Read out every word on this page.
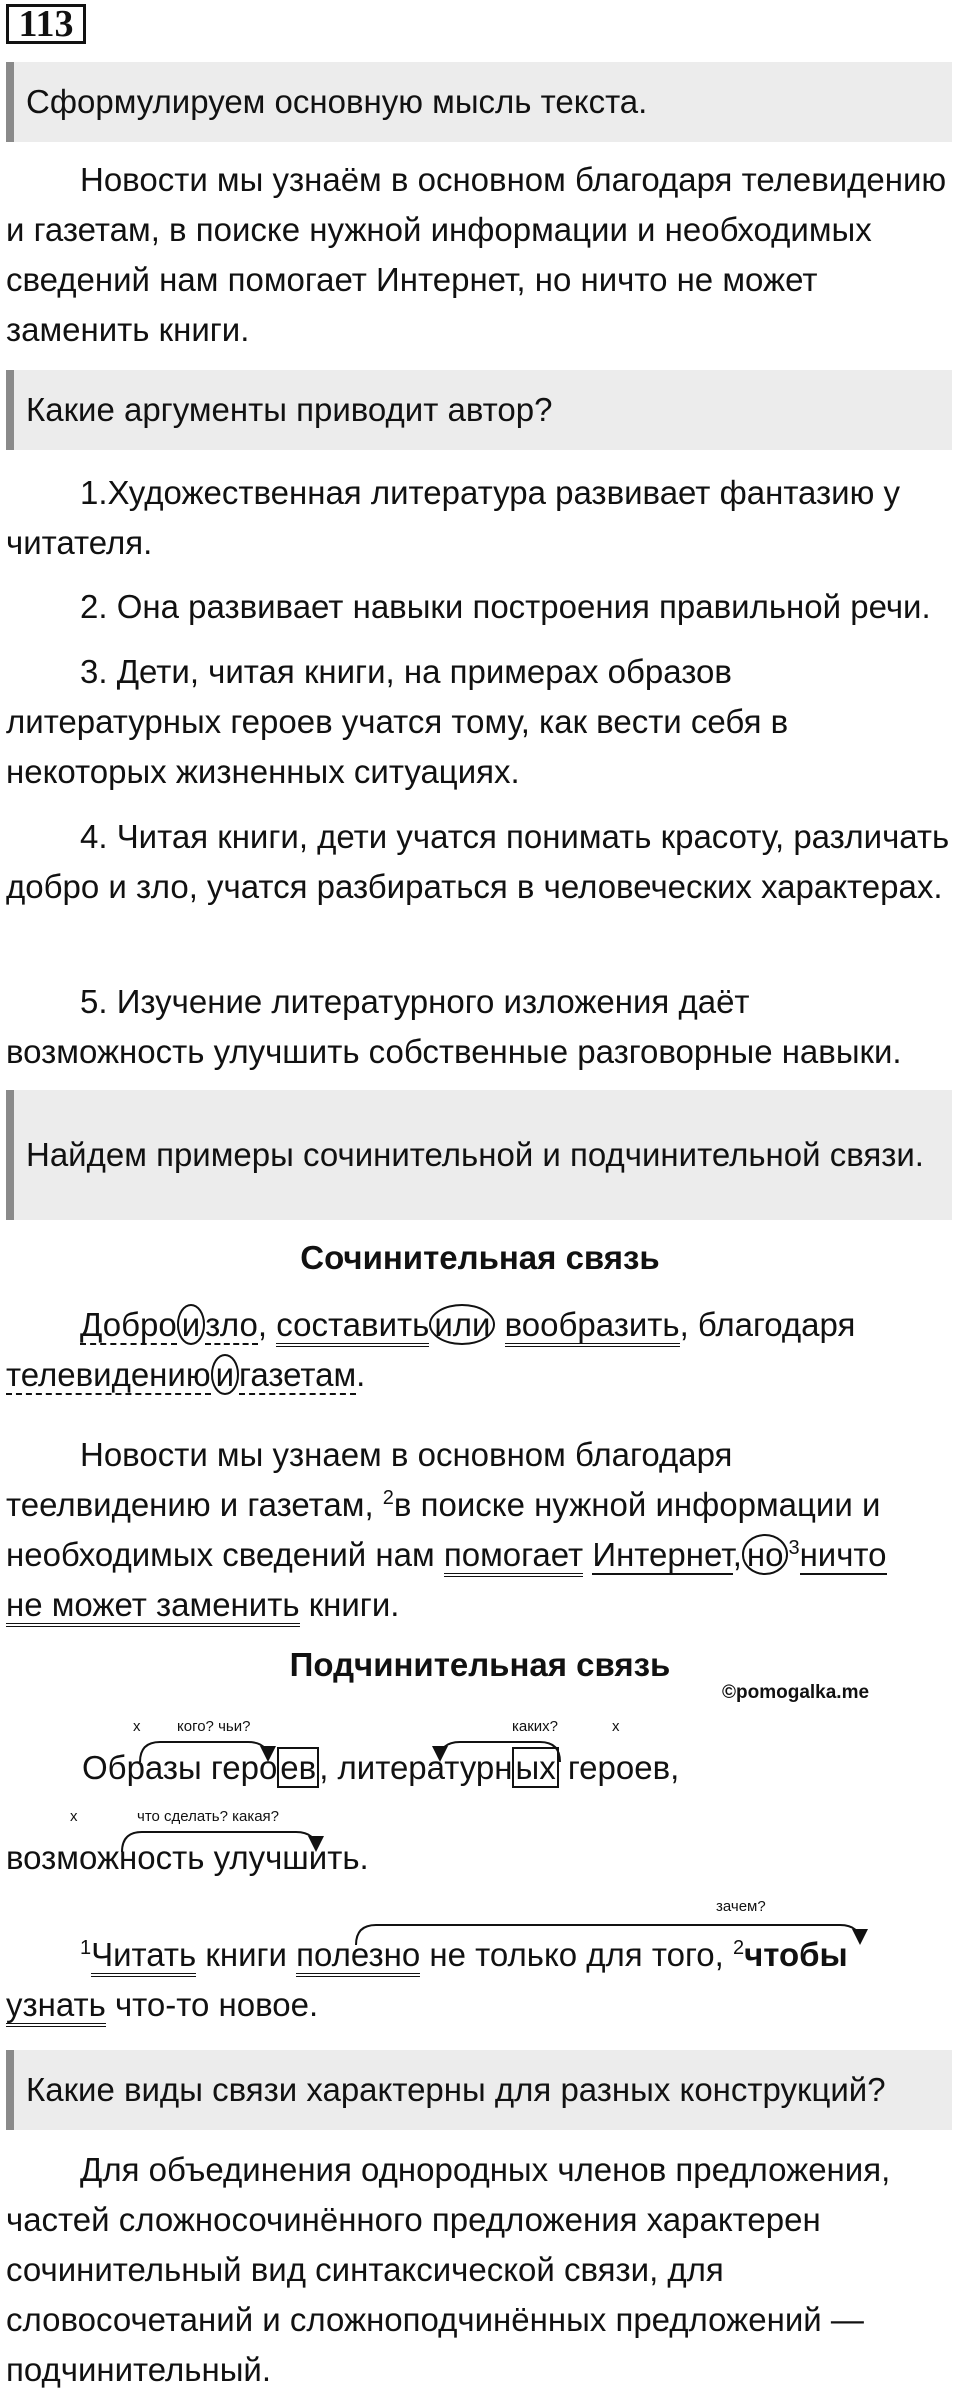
113
Сформулируем основную мысль текста.

Новости мы узнаём в основном благодаря телевидению и газетам, в поиске нужной информации и необходимых сведений нам помогает Интернет, но ничто не может заменить книги.

Какие аргументы приводит автор?

1.Художественная литература развивает фантазию у читателя.

2. Она развивает навыки построения правильной речи.

3. Дети, читая книги, на примерах образов литературных героев учатся тому, как вести себя в некоторых жизненных ситуациях.

4. Читая книги, дети учатся понимать красоту, различать добро и зло, учатся разбираться в человеческих характерах.

5. Изучение литературного изложения даёт возможность улучшить собственные разговорные навыки.

Найдем примеры сочинительной и подчинительной связи.

Сочинительная связь

Добро и зло, составить или вообразить, благодаря телевидению и газетам.

Новости мы узнаем в основном благодаря
теелвидению и газетам, $^2$в поиске нужной информации и
необходимых сведений нам помогает Интернет, но $^3$ничто
не может заменить книги.

Подчинительная связь

©pomogalka.me
х кого? чьи?	каких?	х
Образы героев, литературных героев,
х	что сделать? какая?
возможность улучшить.
зачем?

$^1$Читать книги полезно не только для того, $^2$чтобы
узнать что-то новое.

Какие виды связи характерны для разных конструкций?

Для объединения однородных членов предложения, частей сложносочинённого предложения характерен сочинительный вид синтаксической связи, для словосочетаний и сложноподчинённых предложений — подчинительный.
